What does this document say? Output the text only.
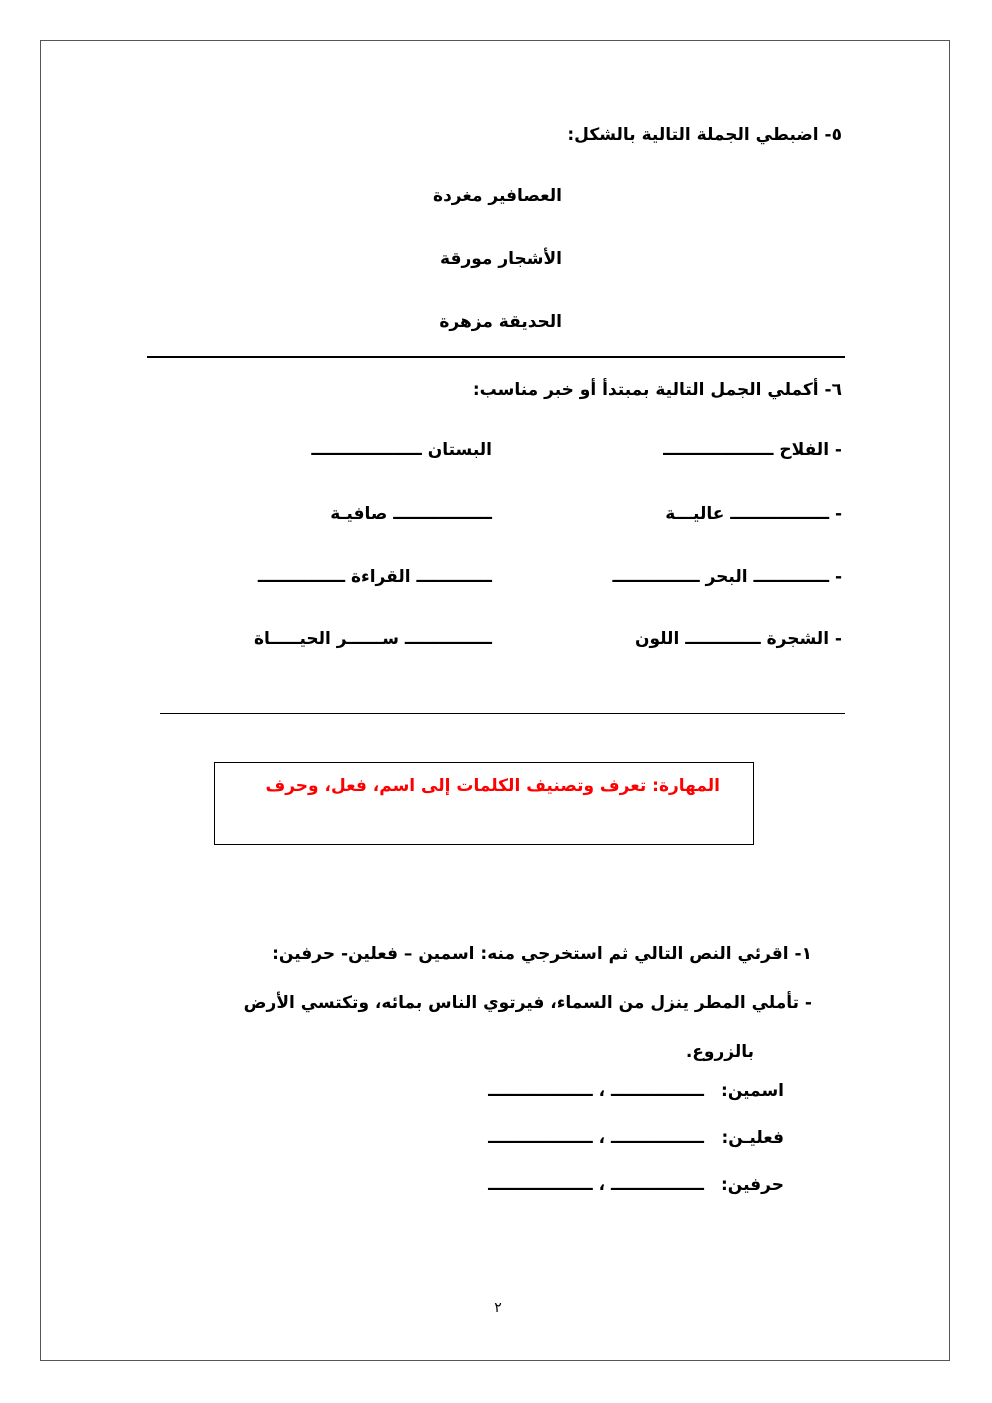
٥- اضبطي الجملة التالية بالشكل:
العصافير مغردة
الأشجار مورقة
الحديقة مزهرة
٦- أكملي الجمل التالية بمبتدأ أو خبر مناسب:
- الفلاح ـــــــــــــــــــ
البستان ـــــــــــــــــــ
- ـــــــــــــــــ عاليـــة
ـــــــــــــــــ صافيـة
- ـــــــــــــ البحر ـــــــــــــــ
ـــــــــــــ القراءة ـــــــــــــــ
- الشجرة ـــــــــــــ اللون
ـــــــــــــــ ســــــر الحيـــــاة
المهارة: تعرف وتصنيف الكلمات إلى اسم، فعل، وحرف
١- اقرئي النص التالي ثم استخرجي منه: اسمين – فعلين- حرفين:
- تأملي المطر ينزل من السماء، فيرتوي الناس بمائه، وتكتسي الأرض
بالزروع.
اسمين:
ــــــــــــــــ ، ــــــــــــــــــ
فعليـن:
ــــــــــــــــ ، ــــــــــــــــــ
حرفين:
ــــــــــــــــ ، ــــــــــــــــــ
٢
